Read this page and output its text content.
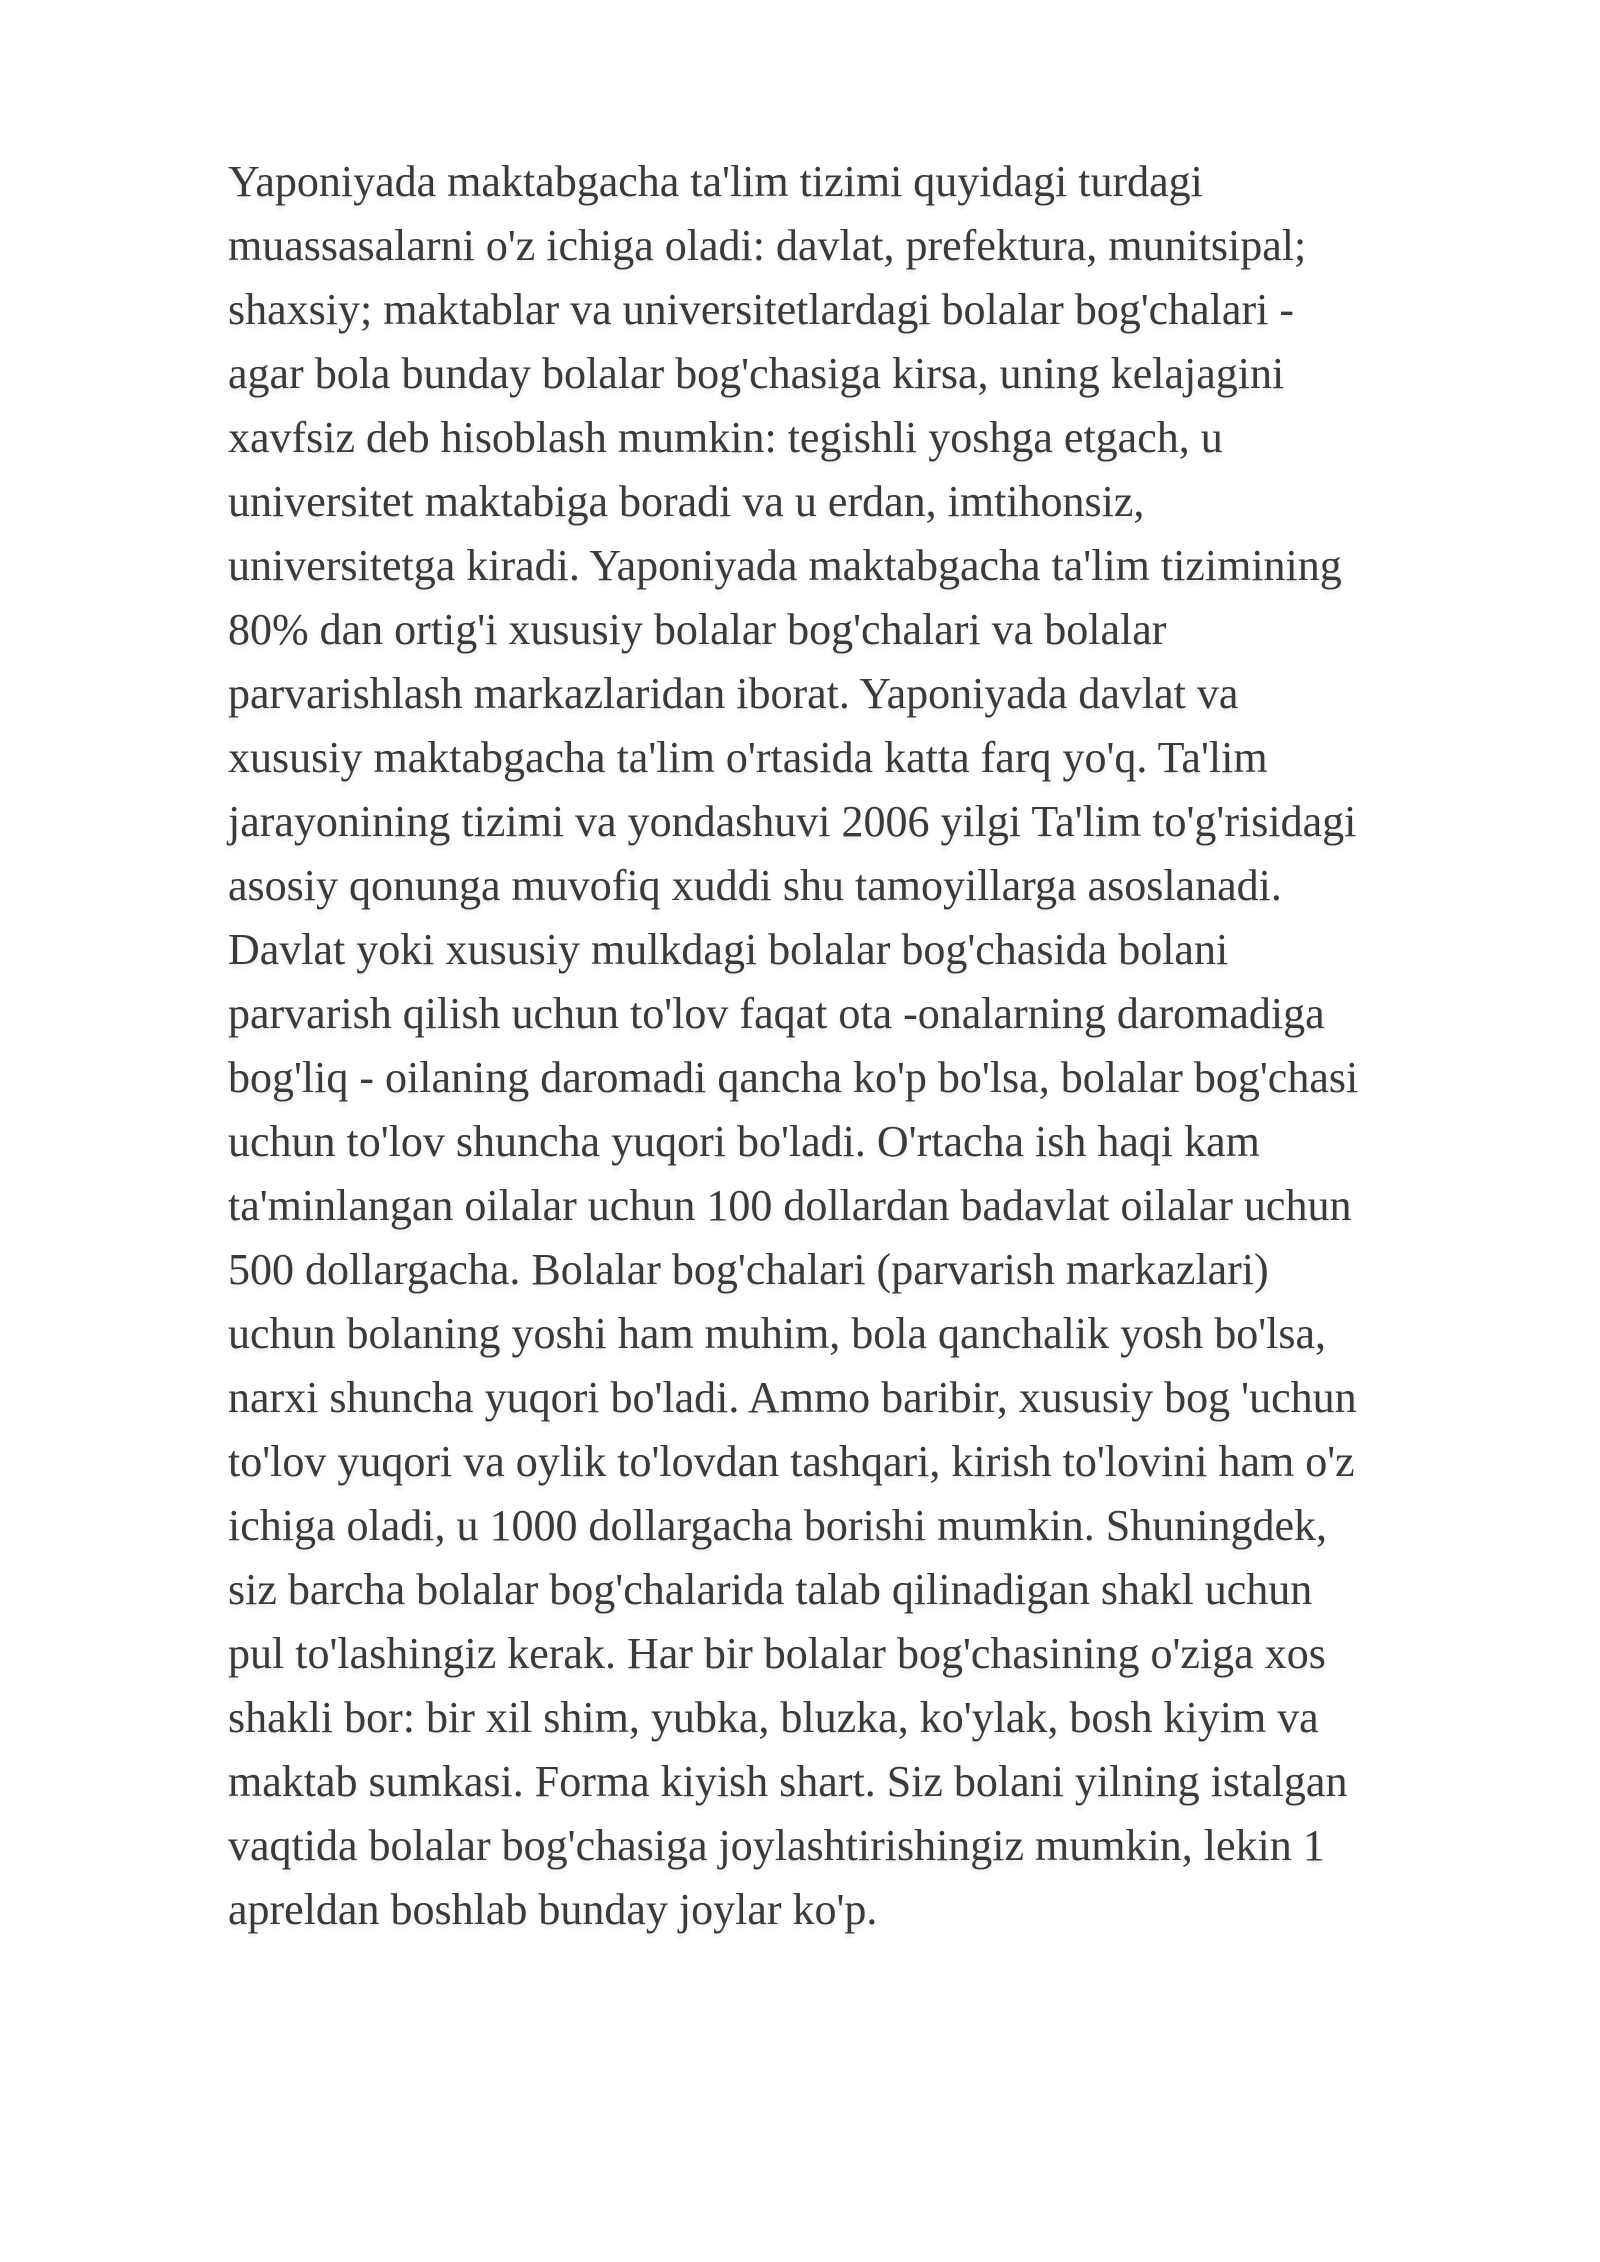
Yaponiyada maktabgacha ta'lim tizimi quyidagi turdagi
muassasalarni o'z ichiga oladi: davlat, prefektura, munitsipal;
shaxsiy; maktablar va universitetlardagi bolalar bog'chalari -
agar bola bunday bolalar bog'chasiga kirsa, uning kelajagini
xavfsiz deb hisoblash mumkin: tegishli yoshga etgach, u
universitet maktabiga boradi va u erdan, imtihonsiz,
universitetga kiradi. Yaponiyada maktabgacha ta'lim tizimining
80% dan ortig'i xususiy bolalar bog'chalari va bolalar
parvarishlash markazlaridan iborat. Yaponiyada davlat va
xususiy maktabgacha ta'lim o'rtasida katta farq yo'q. Ta'lim
jarayonining tizimi va yondashuvi 2006 yilgi Ta'lim to'g'risidagi
asosiy qonunga muvofiq xuddi shu tamoyillarga asoslanadi.
Davlat yoki xususiy mulkdagi bolalar bog'chasida bolani
parvarish qilish uchun to'lov faqat ota -onalarning daromadiga
bog'liq - oilaning daromadi qancha ko'p bo'lsa, bolalar bog'chasi
uchun to'lov shuncha yuqori bo'ladi. O'rtacha ish haqi kam
ta'minlangan oilalar uchun 100 dollardan badavlat oilalar uchun
500 dollargacha. Bolalar bog'chalari (parvarish markazlari)
uchun bolaning yoshi ham muhim, bola qanchalik yosh bo'lsa,
narxi shuncha yuqori bo'ladi. Ammo baribir, xususiy bog 'uchun
to'lov yuqori va oylik to'lovdan tashqari, kirish to'lovini ham o'z
ichiga oladi, u 1000 dollargacha borishi mumkin. Shuningdek,
siz barcha bolalar bog'chalarida talab qilinadigan shakl uchun
pul to'lashingiz kerak. Har bir bolalar bog'chasining o'ziga xos
shakli bor: bir xil shim, yubka, bluzka, ko'ylak, bosh kiyim va
maktab sumkasi. Forma kiyish shart. Siz bolani yilning istalgan
vaqtida bolalar bog'chasiga joylashtirishingiz mumkin, lekin 1
apreldan boshlab bunday joylar ko'p.
